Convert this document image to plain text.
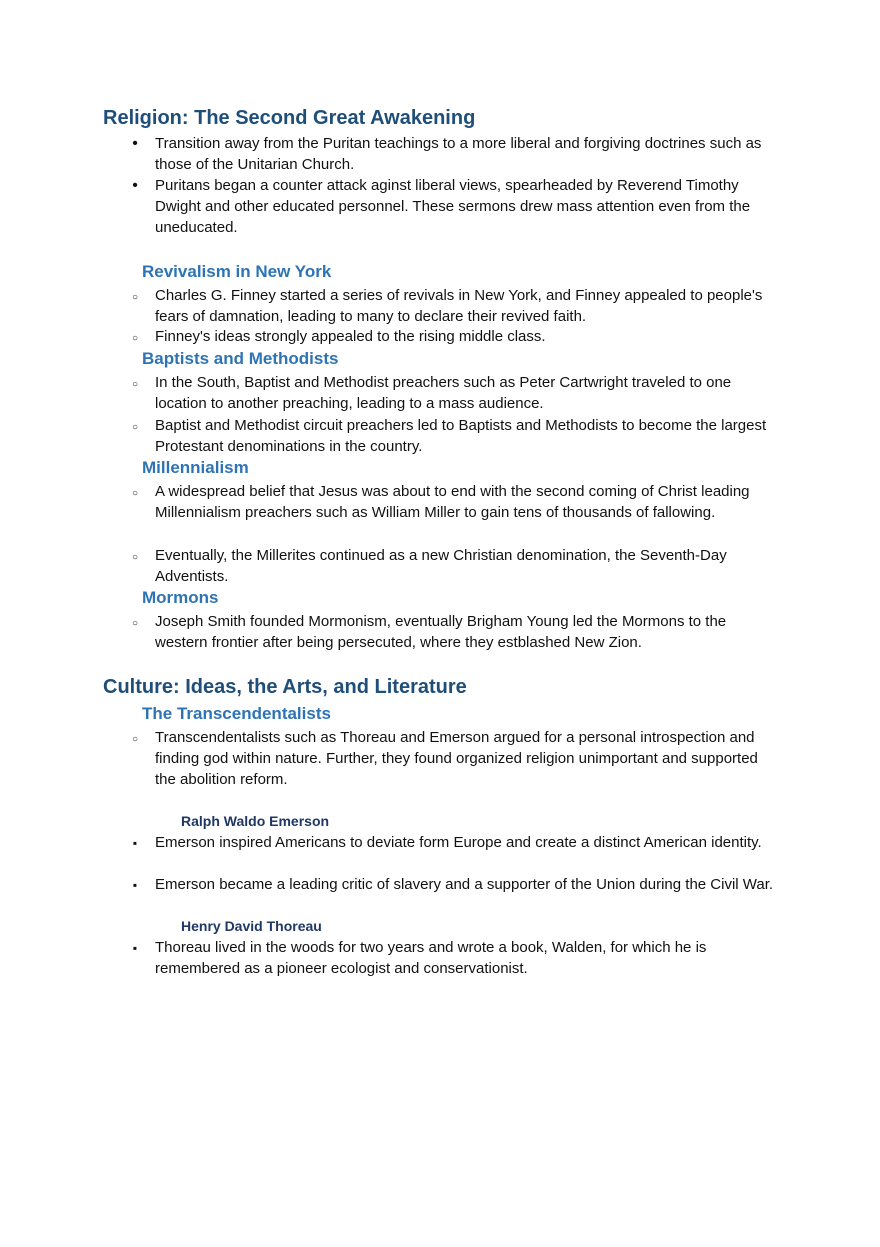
Religion: The Second Great Awakening
•
Transition away from the Puritan teachings to a more liberal and forgiving doctrines such as those of the Unitarian Church.
•
Puritans began a counter attack aginst liberal views, spearheaded by Reverend Timothy Dwight and other educated personnel. These sermons drew mass attention even from the uneducated.
Revivalism in New York
○
Charles G. Finney started a series of revivals in New York, and Finney appealed to people's fears of damnation, leading to many to declare their revived faith.
○
Finney's ideas strongly appealed to the rising middle class.
Baptists and Methodists
○
In the South, Baptist and Methodist preachers such as Peter Cartwright traveled to one location to another preaching, leading to a mass audience.
○
Baptist and Methodist circuit preachers led to Baptists and Methodists to become the largest Protestant denominations in the country.
Millennialism
○
A widespread belief that Jesus was about to end with the second coming of Christ leading Millennialism preachers such as William Miller to gain tens of thousands of fallowing.
○
Eventually, the Millerites continued as a new Christian denomination, the Seventh-Day Adventists.
Mormons
○
Joseph Smith founded Mormonism, eventually Brigham Young led the Mormons to the western frontier after being persecuted, where they estblashed New Zion.
Culture: Ideas, the Arts, and Literature
The Transcendentalists
○
Transcendentalists such as Thoreau and Emerson argued for a personal introspection and finding god within nature. Further, they found organized religion unimportant and supported the abolition reform.
Ralph Waldo Emerson
▪
Emerson inspired Americans to deviate form Europe and create a distinct American identity.
▪
Emerson became a leading critic of slavery and a supporter of the Union during the Civil War.
Henry David Thoreau
▪
Thoreau lived in the woods for two years and wrote a book, Walden, for which he is remembered as a pioneer ecologist and conservationist.
